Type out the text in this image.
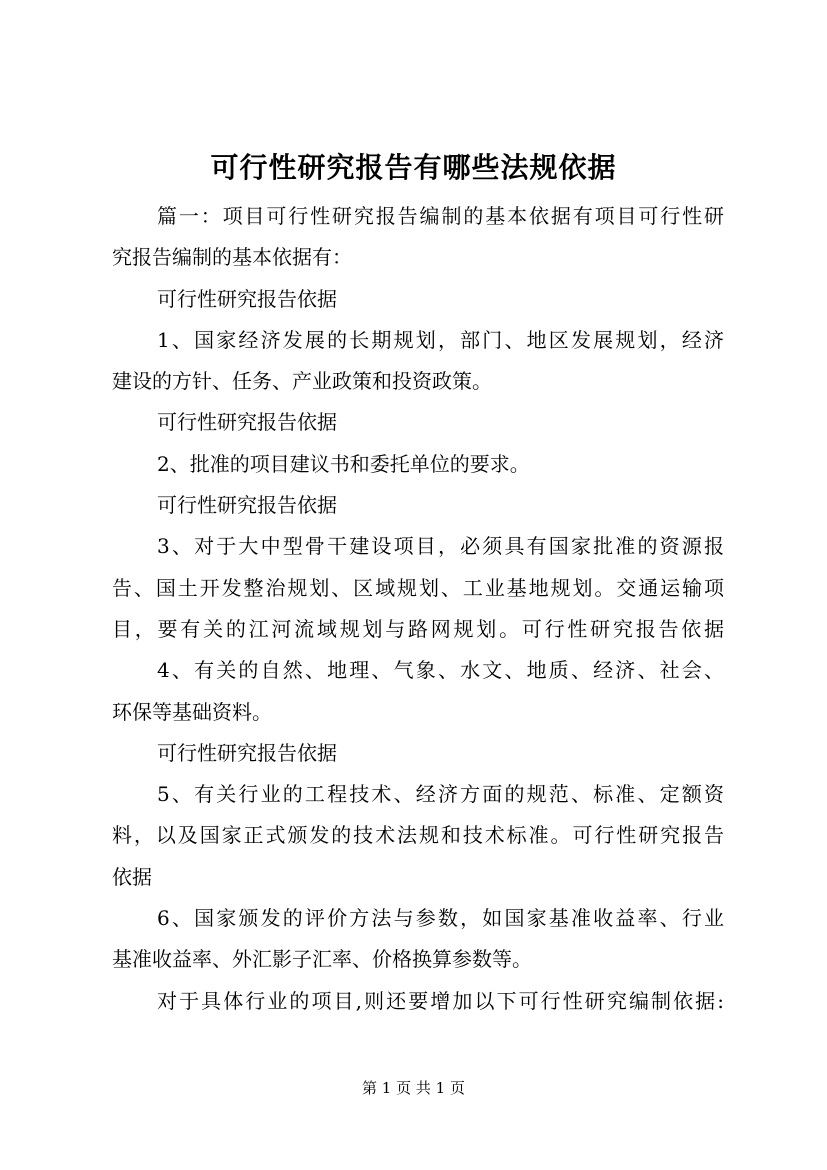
可行性研究报告有哪些法规依据
篇一：项目可行性研究报告编制的基本依据有项目可行性研
究报告编制的基本依据有：
可行性研究报告依据
1、国家经济发展的长期规划，部门、地区发展规划，经济
建设的方针、任务、产业政策和投资政策。
可行性研究报告依据
2、批准的项目建议书和委托单位的要求。
可行性研究报告依据
3、对于大中型骨干建设项目，必须具有国家批准的资源报
告、国土开发整治规划、区域规划、工业基地规划。交通运输项
目，要有关的江河流域规划与路网规划。可行性研究报告依据
4、有关的自然、地理、气象、水文、地质、经济、社会、
环保等基础资料。
可行性研究报告依据
5、有关行业的工程技术、经济方面的规范、标准、定额资
料，以及国家正式颁发的技术法规和技术标准。可行性研究报告
依据
6、国家颁发的评价方法与参数，如国家基准收益率、行业
基准收益率、外汇影子汇率、价格换算参数等。
对于具体行业的项目,则还要增加以下可行性研究编制依据:
第 1 页 共 1 页
